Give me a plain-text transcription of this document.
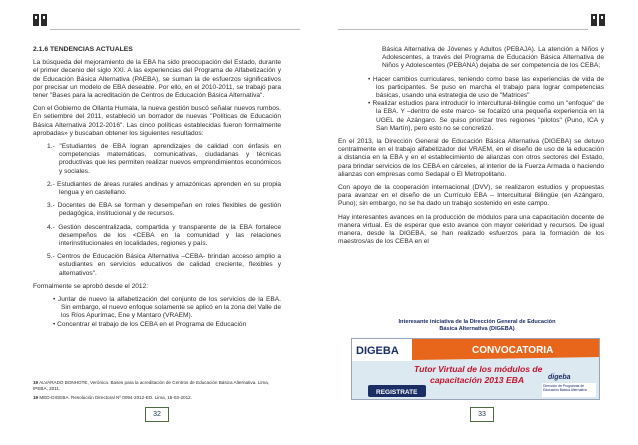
2.1.6 TENDENCIAS ACTUALES

La búsqueda del mejoramiento de la EBA ha sido preocupación del Estado, durante el primer decenio del siglo XXI. A las experiencias del Programa de Alfabetización y de Educación Básica Alternativa (PAEBA), se suman la de esfuerzos significativos por precisar un modelo de EBA deseable. Por ello, en el 2010-2011, se trabajó para tener "Bases para la acreditación de Centros de Educación Básica Alternativa".

Con el Gobierno de Ollanta Humala, la nueva gestión buscó señalar nuevos rumbos. En setiembre del 2011, estableció un borrador de nuevas "Políticas de Educación Básica Alternativa 2012-2016". Las cinco políticas establecidas fueron formalmente aprobadas» y buscaban obtener los siguientes resultados:

1.- "Estudiantes de EBA logran aprendizajes de calidad con énfasis en competencias matemáticas, comunicativas, ciudadanas y técnicas productivas que les permiten realizar nuevos emprendimientos económicos y sociales.

2.- Estudiantes de áreas rurales andinas y amazónicas aprenden en su propia lengua y en castellano.

3.- Docentes de EBA se forman y desempeñan en roles flexibles de gestión pedagógica, institucional y de recursos.

4.- Gestión descentralizada, compartida y transparente de la EBA fortalece desempeños de los <CEBA en la comunidad y las relaciones interinstitucionales en localidades, regiones y país.

5.- Centros de Educación Básica Alternativa –CEBA- brindan acceso amplio a estudiantes en servicios educativos de calidad creciente, flexibles y alternativos".

Formalmente se aprobó desde el 2012:

• Juntar de nuevo la alfabetización del conjunto de los servicios de la EBA. Sin embargo, el nuevo enfoque solamente se aplicó en la zona del Valle de los Ríos Apurímac, Ene y Mantaro (VRAEM).

• Concentrar el trabajo de los CEBA en el Programa de Educación

19 ALVARADO BONHOTE, Verónica. Bases para la acreditación de Centros de Educación Básica Alternativa. Lima, IPEBA, 2011.
19 MED-DIGEBA. Resolución Directoral Nº 0094-2012-ED. Lima, 15-03-2012.
32

Básica Alternativa de Jóvenes y Adultos (PEBAJA). La atención a Niños y Adolescentes, a través del Programa de Educación Básica Alternativa de Niños y Adolescentes (PEBANA) dejaba de ser competencia de los CEBA;

• Hacer cambios curriculares, teniendo como base las experiencias de vida de los participantes. Se puso en marcha el trabajo para lograr competencias básicas, usando una estrategia de uso de "Matrices"

• Realizar estudios para introducir lo intercultural-bilingüe como un "enfoque" de la EBA. Y –dentro de este marco- se focalizó una pequeña experiencia en la UGEL de Azángaro. Se quiso priorizar tres regiones "pilotos" (Puno, ICA y San Martín), pero esto no se concretizó.

En el 2013, la Dirección General de Educación Básica Alternativa (DIGEBA) se detuvo centralmente en el trabajo alfabetizador del VRAEM, en el diseño de uso de la educación a distancia en la EBA y en el establecimiento de alianzas con otros sectores del Estado, para brindar servicios de los CEBA en cárceles, al interior de la Fuerza Armada o haciendo alianzas con empresas como Sedapal o El Metropolitano.

Con apoyo de la cooperación internacional (DVV), se realizaron estudios y propuestas para avanzar en el diseño de un Currículo EBA – Intercultural Bilingüe (en Azángaro, Puno); sin embargo, no se ha dado un trabajo sostenido en este campo.

Hay interesantes avances en la producción de módulos para una capacitación docente de manera virtual. Es de esperar que esto avance con mayor celeridad y recursos. De igual manera, desde la DIGEBA, se han realizado esfuerzos para la formación de los maestros/as de los CEBA en el

Interesante iniciativa de la Dirección General de Educación Básica Alternativa (DIGEBA)
DIGEBA	CONVOCATORIA
Tutor Virtual de los módulos de
capacitación 2013 EBA
REGISTRATE
digeba
Dirección de Programas de Educación Básica Alternativa
33
